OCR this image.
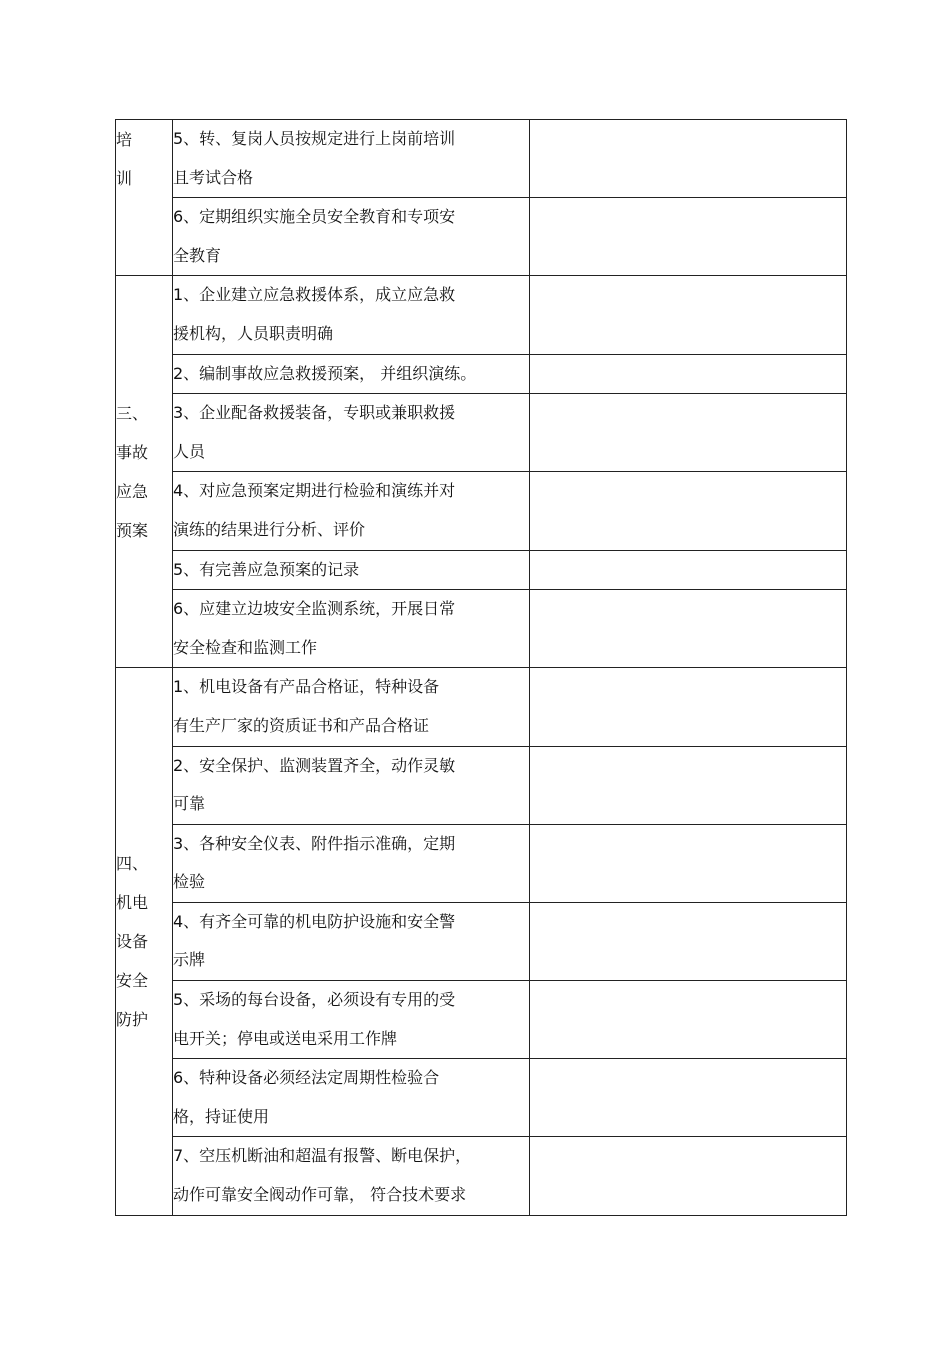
培
训	5、转、复岗人员按规定进行上岗前培训
且考试合格	

	6、定期组织实施全员安全教育和专项安
全教育	

三、
事故
应急
预案	1、企业建立应急救援体系，成立应急救
援机构，人员职责明确	

	2、编制事故应急救援预案， 并组织演练。	

	3、企业配备救援装备，专职或兼职救援
人员	

	4、对应急预案定期进行检验和演练并对
演练的结果进行分析、评价	

	5、有完善应急预案的记录	

	6、应建立边坡安全监测系统，开展日常
安全检查和监测工作	

四、
机电
设备
安全
防护	1、机电设备有产品合格证，特种设备
有生产厂家的资质证书和产品合格证	

	2、安全保护、监测装置齐全，动作灵敏
可靠	

	3、各种安全仪表、附件指示准确，定期
检验	

	4、有齐全可靠的机电防护设施和安全警
示牌	

	5、采场的每台设备，必须设有专用的受
电开关；停电或送电采用工作牌	

	6、特种设备必须经法定周期性检验合
格，持证使用	

	7、空压机断油和超温有报警、断电保护，
动作可靠安全阀动作可靠， 符合技术要求	
